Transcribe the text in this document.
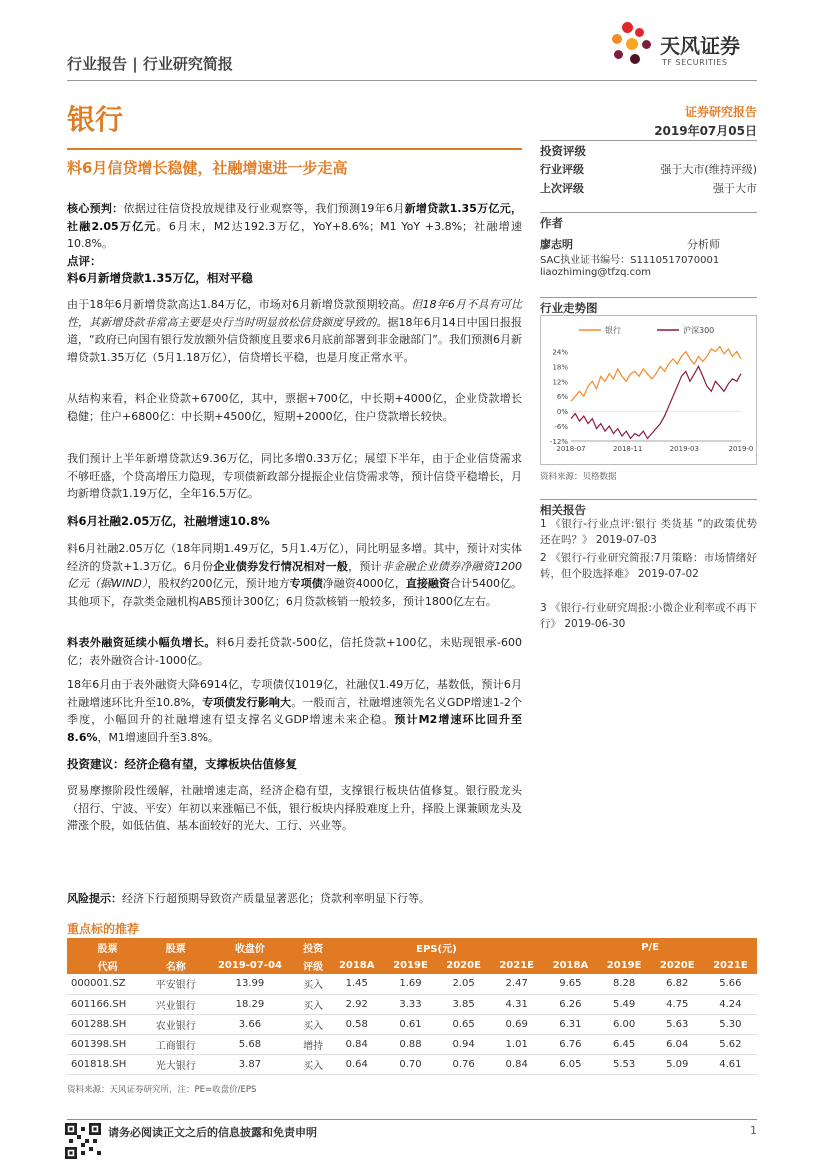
行业报告 | 行业研究简报
银行
天风证券
TF SECURITIES
证券研究报告
2019年07月05日
料6月信贷增长稳健，社融增速进一步走高
核心预判：依据过往信贷投放规律及行业观察等，我们预测19年6月新增贷款1.35万亿元，社融2.05万亿元。6月末，M2达192.3万亿，YoY+8.6%；M1 YoY +3.8%；社融增速10.8%。
点评：
料6月新增贷款1.35万亿，相对平稳
由于18年6月新增贷款高达1.84万亿，市场对6月新增贷款预期较高。但18年6月不具有可比性，其新增贷款非常高主要是央行当时明显放松信贷额度导致的。据18年6月14日中国日报报道，“政府已向国有银行发放额外信贷额度且要求6月底前部署到非金融部门”。我们预测6月新增贷款1.35万亿（5月1.18万亿），信贷增长平稳，也是月度正常水平。
从结构来看，料企业贷款+6700亿，其中，票据+700亿，中长期+4000亿，企业贷款增长稳健；住户+6800亿：中长期+4500亿，短期+2000亿，住户贷款增长较快。
我们预计上半年新增贷款达9.36万亿，同比多增0.33万亿；展望下半年，由于企业信贷需求不够旺盛，个贷高增压力隐现，专项债新政部分提振企业信贷需求等，预计信贷平稳增长，月均新增贷款1.19万亿，全年16.5万亿。
料6月社融2.05万亿，社融增速10.8%
料6月社融2.05万亿（18年同期1.49万亿，5月1.4万亿），同比明显多增。其中，预计对实体经济的贷款+1.3万亿。6月份企业债券发行情况相对一般，预计非金融企业债券净融资1200亿元（据WIND），股权约200亿元，预计地方专项债净融资4000亿，直接融资合计5400亿。其他项下，存款类金融机构ABS预计300亿；6月贷款核销一般较多，预计1800亿左右。
料表外融资延续小幅负增长。料6月委托贷款-500亿，信托贷款+100亿，未贴现银承-600亿；表外融资合计-1000亿。
18年6月由于表外融资大降6914亿，专项债仅1019亿，社融仅1.49万亿，基数低，预计6月社融增速环比升至10.8%，专项债发行影响大。一般而言，社融增速领先名义GDP增速1-2个季度，小幅回升的社融增速有望支撑名义GDP增速未来企稳。预计M2增速环比回升至8.6%，M1增速回升至3.8%。
投资建议：经济企稳有望，支撑板块估值修复
贸易摩擦阶段性缓解，社融增速走高，经济企稳有望，支撑银行板块估值修复。银行股龙头（招行、宁波、平安）年初以来涨幅已不低，银行板块内择股难度上升，择股上课兼顾龙头及滞涨个股，如低估值、基本面较好的光大、工行、兴业等。
风险提示：经济下行超预期导致资产质量显著恶化；贷款利率明显下行等。
投资评级
行业评级	强于大市(维持评级)
上次评级	强于大市
作者
廖志明	分析师
SAC执业证书编号：S1110517070001
liaozhiming@tfzq.com
行业走势图
24%
18%
12%
6%
0%
-6%
-12%
2018-07	2018-11	2019-03	2019-0
银行	沪深300
资料来源：贝格数据
相关报告
1 《银行-行业点评:银行 类货基 ”的政策优势还在吗？》 2019-07-03
2 《银行-行业研究简报:7月策略：市场情绪好转，但个股选择难》 2019-07-02
3 《银行-行业研究周报:小微企业利率或不再下行》 2019-06-30
重点标的推荐
股票	股票	收盘价	投资	EPS(元)				P/E			
代码	名称	2019-07-04	评级	2018A	2019E	2020E	2021E	2018A	2019E	2020E	2021E
000001.SZ	平安银行	13.99	买入	1.45	1.69	2.05	2.47	9.65	8.28	6.82	5.66
601166.SH	兴业银行	18.29	买入	2.92	3.33	3.85	4.31	6.26	5.49	4.75	4.24
601288.SH	农业银行	3.66	买入	0.58	0.61	0.65	0.69	6.31	6.00	5.63	5.30
601398.SH	工商银行	5.68	增持	0.84	0.88	0.94	1.01	6.76	6.45	6.04	5.62
601818.SH	光大银行	3.87	买入	0.64	0.70	0.76	0.84	6.05	5.53	5.09	4.61
资料来源：天风证券研究所，注：PE=收盘价/EPS
请务必阅读正文之后的信息披露和免责申明	1
